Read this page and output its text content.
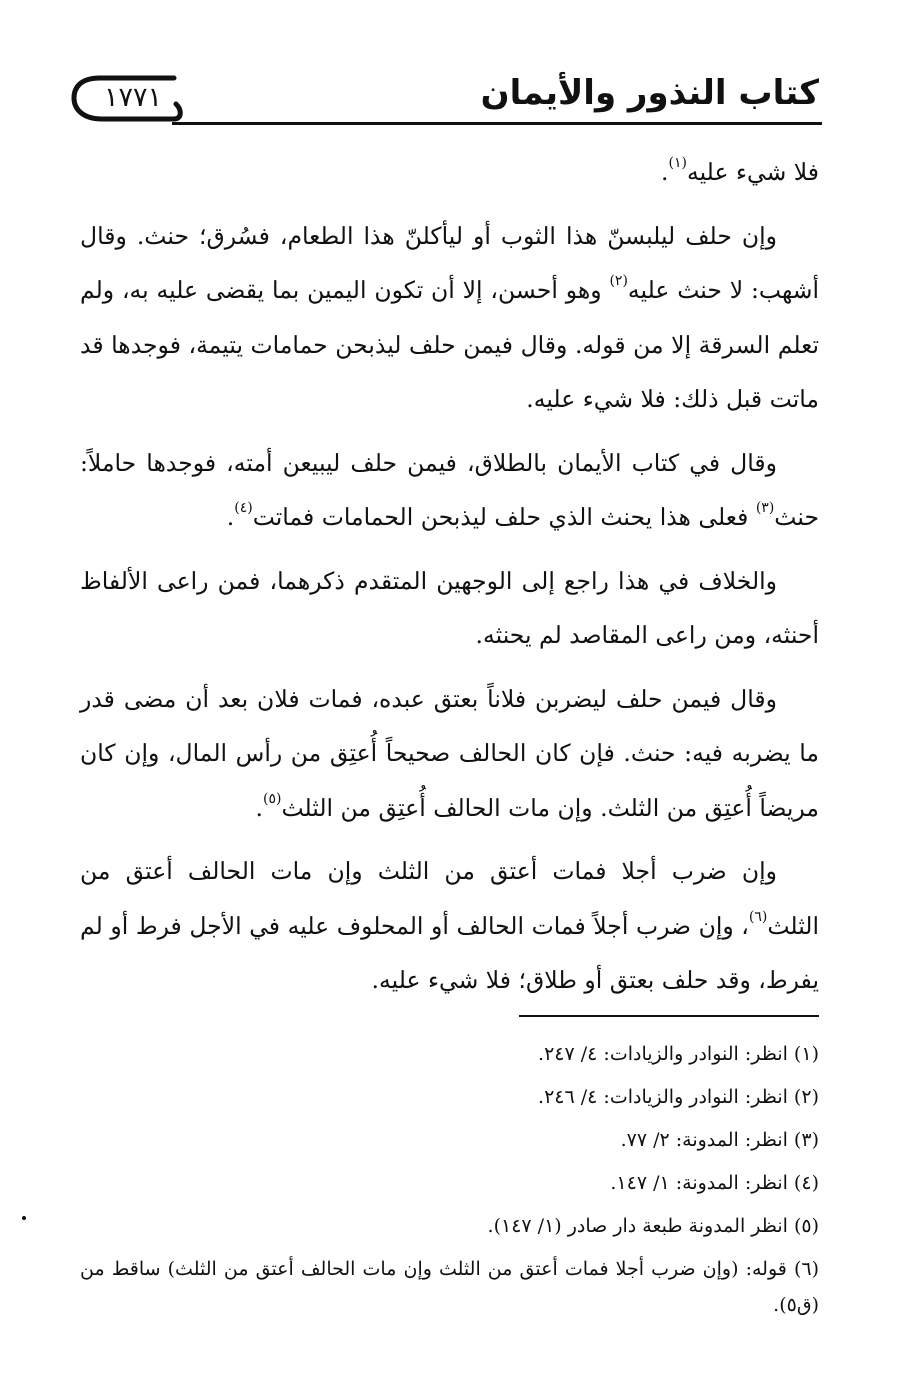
كتاب النذور والأيمان
١٧٧١

فلا شيء عليه$^{(١)}$.

وإن حلف ليلبسنّ هذا الثوب أو ليأكلنّ هذا الطعام، فسُرق؛ حنث. وقال أشهب: لا حنث عليه$^{(٢)}$ وهو أحسن، إلا أن تكون اليمين بما يقضى عليه به، ولم تعلم السرقة إلا من قوله. وقال فيمن حلف ليذبحن حمامات يتيمة، فوجدها قد ماتت قبل ذلك: فلا شيء عليه.

وقال في كتاب الأيمان بالطلاق، فيمن حلف ليبيعن أمته، فوجدها حاملاً: حنث$^{(٣)}$ فعلى هذا يحنث الذي حلف ليذبحن الحمامات فماتت$^{(٤)}$.

والخلاف في هذا راجع إلى الوجهين المتقدم ذكرهما، فمن راعى الألفاظ أحنثه، ومن راعى المقاصد لم يحنثه.

وقال فيمن حلف ليضربن فلاناً بعتق عبده، فمات فلان بعد أن مضى قدر ما يضربه فيه: حنث. فإن كان الحالف صحيحاً أُعتِق من رأس المال، وإن كان مريضاً أُعتِق من الثلث. وإن مات الحالف أُعتِق من الثلث$^{(٥)}$.

وإن ضرب أجلا فمات أعتق من الثلث وإن مات الحالف أعتق من الثلث$^{(٦)}$، وإن ضرب أجلاً فمات الحالف أو المحلوف عليه في الأجل فرط أو لم يفرط، وقد حلف بعتق أو طلاق؛ فلا شيء عليه.

(١) انظر: النوادر والزيادات: ٤/ ٢٤٧.

(٢) انظر: النوادر والزيادات: ٤/ ٢٤٦.

(٣) انظر: المدونة: ٢/ ٧٧.

(٤) انظر: المدونة: ١/ ١٤٧.

(٥) انظر المدونة طبعة دار صادر (١/ ١٤٧).

(٦) قوله: (وإن ضرب أجلا فمات أعتق من الثلث وإن مات الحالف أعتق من الثلث) ساقط من (ق٥).
